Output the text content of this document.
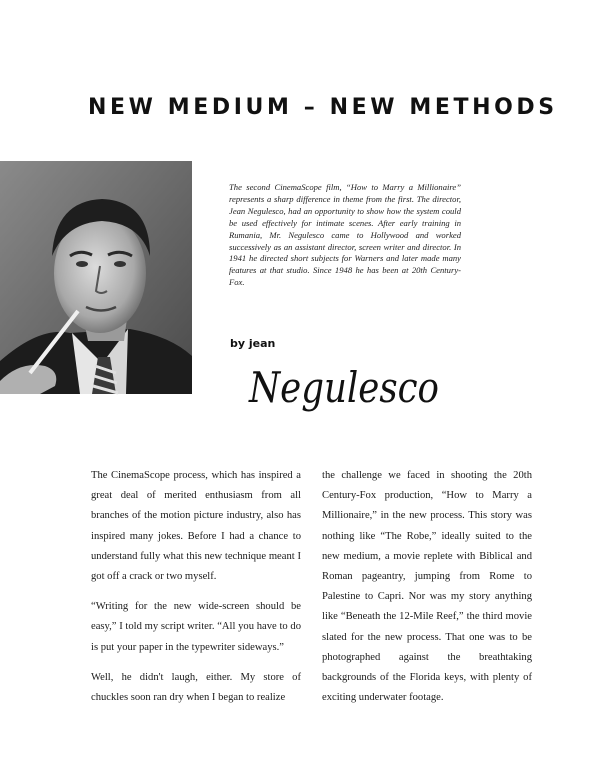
NEW MEDIUM – NEW METHODS
The second CinemaScope film, “How to Marry a Millionaire” represents a sharp difference in theme from the first. The director, Jean Negulesco, had an opportunity to show how the system could be used effectively for intimate scenes. After early training in Rumania, Mr. Negulesco came to Hollywood and worked successively as an assistant director, screen writer and director. In 1941 he directed short subjects for Warners and later made many features at that studio. Since 1948 he has been at 20th Century-Fox.
by jean
Negulesco

The CinemaScope process, which has inspired a great deal of merited enthusiasm from all branches of the motion picture industry, also has inspired many jokes. Before I had a chance to understand fully what this new technique meant I got off a crack or two myself.

“Writing for the new wide-screen should be easy,” I told my script writer. “All you have to do is put your paper in the typewriter sideways.”

Well, he didn't laugh, either. My store of chuckles soon ran dry when I began to realize

the challenge we faced in shooting the 20th Century-Fox production, “How to Marry a Millionaire,” in the new process. This story was nothing like “The Robe,” ideally suited to the new medium, a movie replete with Biblical and Roman pageantry, jumping from Rome to Palestine to Capri. Nor was my story anything like “Beneath the 12-Mile Reef,” the third movie slated for the new process. That one was to be photographed against the breathtaking backgrounds of the Florida keys, with plenty of exciting underwater footage.
